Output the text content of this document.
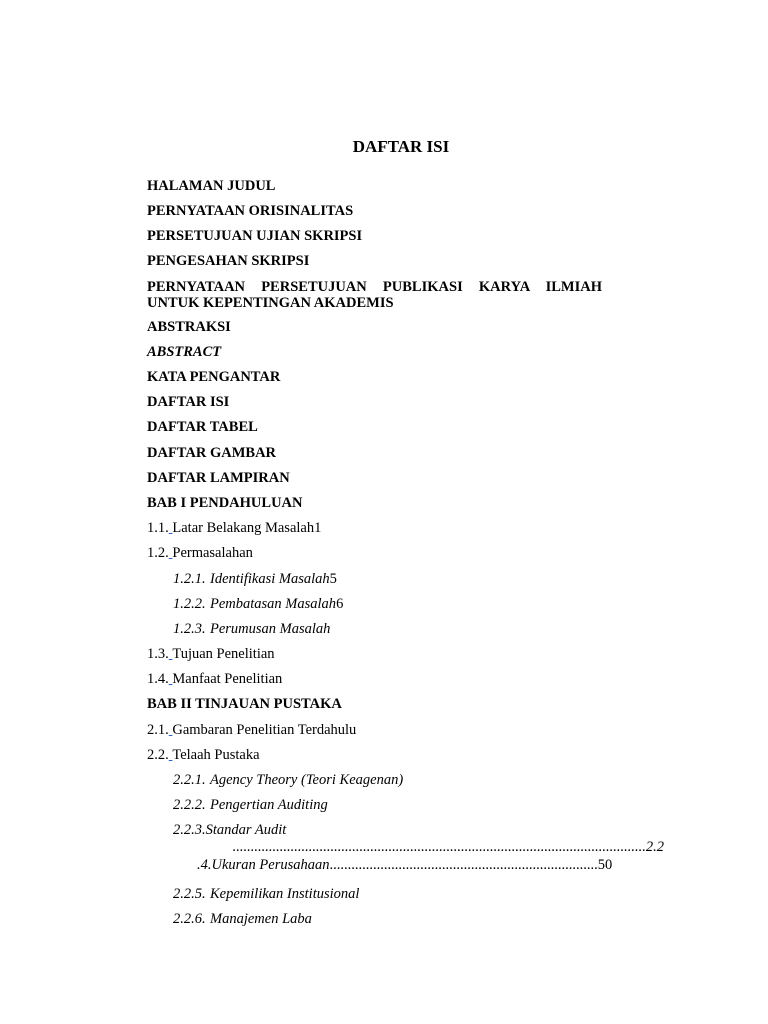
DAFTAR ISI
HALAMAN JUDUL
PERNYATAAN ORISINALITAS
PERSETUJUAN UJIAN SKRIPSI
PENGESAHAN SKRIPSI
PERNYATAAN PERSETUJUAN PUBLIKASI KARYA ILMIAH
UNTUK KEPENTINGAN AKADEMIS
ABSTRAKSI
ABSTRACT
KATA PENGANTAR
DAFTAR ISI
DAFTAR TABEL
DAFTAR GAMBAR
DAFTAR LAMPIRAN
BAB I PENDAHULUAN
1.1. Latar Belakang Masalah1
1.2. Permasalahan
1.2.1. Identifikasi Masalah5
1.2.2. Pembatasan Masalah6
1.2.3. Perumusan Masalah
1.3. Tujuan Penelitian
1.4. Manfaat Penelitian
BAB II TINJAUAN PUSTAKA
2.1. Gambaran Penelitian Terdahulu
2.2. Telaah Pustaka
2.2.1. Agency Theory (Teori Keagenan)
2.2.2. Pengertian Auditing
2.2.3.Standar Audit
..................................................................................................................2.2
.4.Ukuran Perusahaan..........................................................................50
2.2.5. Kepemilikan Institusional
2.2.6. Manajemen Laba
